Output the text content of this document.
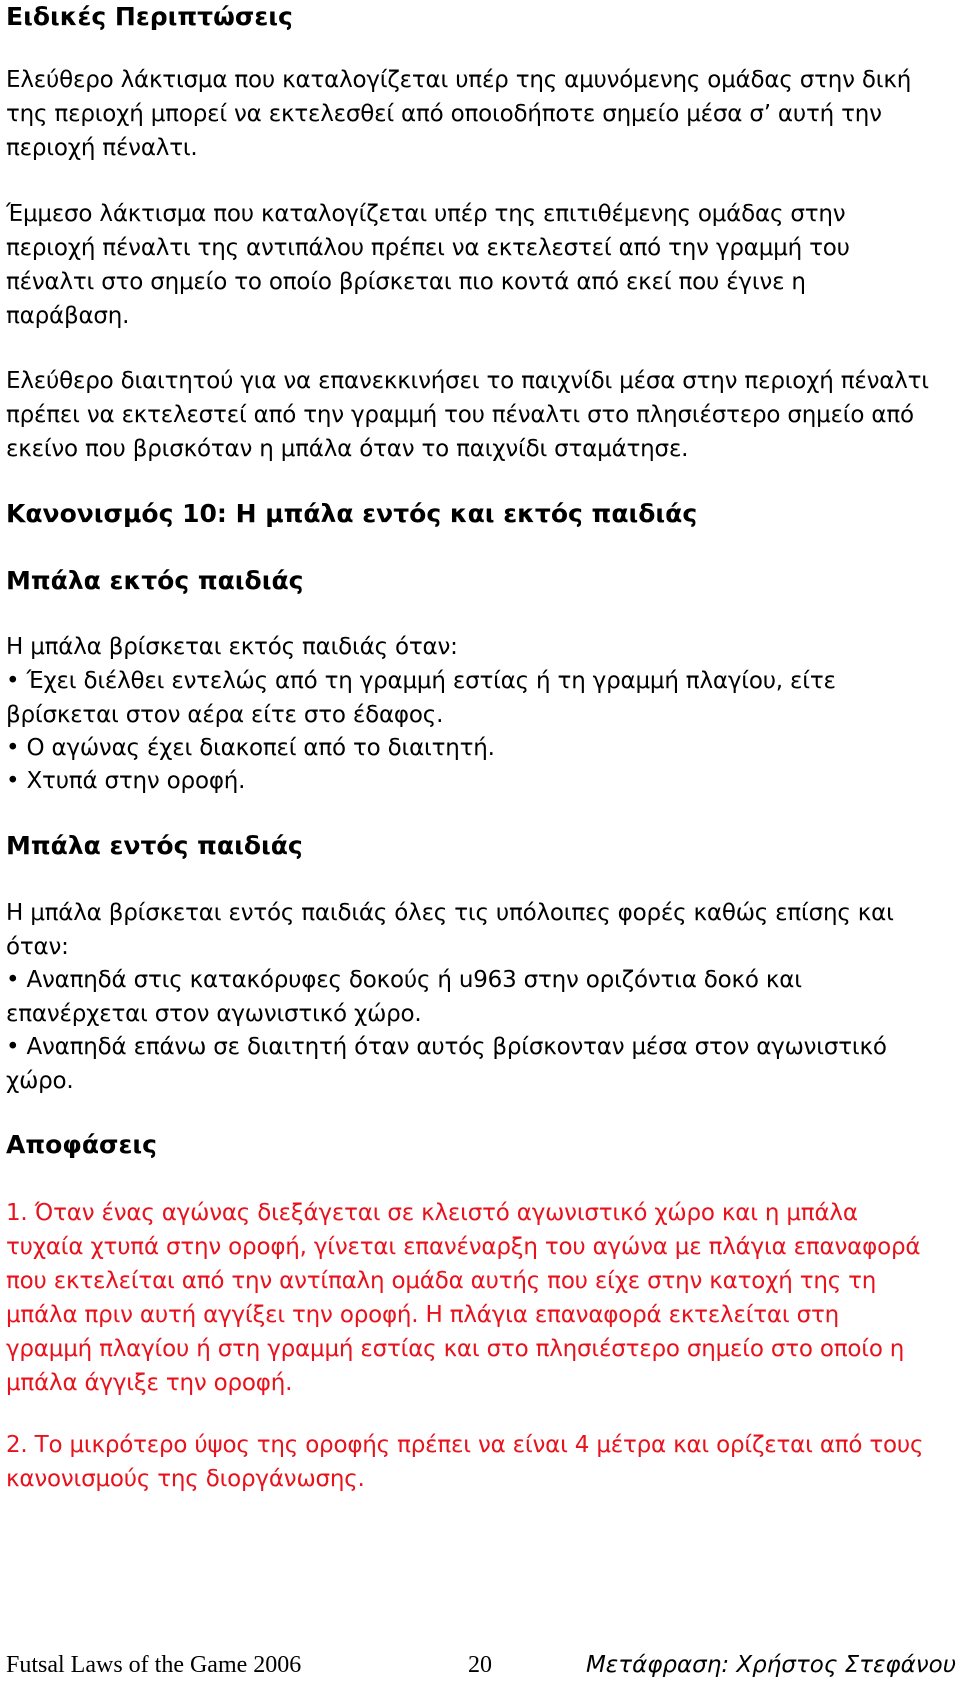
Ειδικές Περιπτώσεις

Ελεύθερο λάκτισμα που καταλογίζεται υπέρ της αμυνόμενης ομάδας στην δική της περιοχή μπορεί να εκτελεσθεί από οποιοδήποτε σημείο μέσα σ’ αυτή την περιοχή πέναλτι.

Έμμεσο λάκτισμα που καταλογίζεται υπέρ της επιτιθέμενης ομάδας στην περιοχή πέναλτι της αντιπάλου πρέπει να εκτελεστεί από την γραμμή του πέναλτι στο σημείο το οποίο βρίσκεται πιο κοντά από εκεί που έγινε η παράβαση.

Ελεύθερο διαιτητού για να επανεκκινήσει το παιχνίδι μέσα στην περιοχή πέναλτι πρέπει να εκτελεστεί από την γραμμή του πέναλτι στο πλησιέστερο σημείο από εκείνο που βρισκόταν η μπάλα όταν το παιχνίδι σταμάτησε.

Κανονισμός 10: Η μπάλα εντός και εκτός παιδιάς

Μπάλα εκτός παιδιάς

Η μπάλα βρίσκεται εκτός παιδιάς όταν:

• Έχει διέλθει εντελώς από τη γραμμή εστίας ή τη γραμμή πλαγίου, είτε βρίσκεται στον αέρα είτε στο έδαφος.

• Ο αγώνας έχει διακοπεί από το διαιτητή.

• Χτυπά στην οροφή.

Μπάλα εντός παιδιάς

Η μπάλα βρίσκεται εντός παιδιάς όλες τις υπόλοιπες φορές καθώς επίσης και όταν:

• Αναπηδά στις κατακόρυφες δοκούς ή u963 στην οριζόντια δοκό και επανέρχεται στον αγωνιστικό χώρο.

• Αναπηδά επάνω σε διαιτητή όταν αυτός βρίσκονταν μέσα στον αγωνιστικό χώρο.

Αποφάσεις

1. Όταν ένας αγώνας διεξάγεται σε κλειστό αγωνιστικό χώρο και η μπάλα τυχαία χτυπά στην οροφή, γίνεται επανέναρξη του αγώνα με πλάγια επαναφορά που εκτελείται από την αντίπαλη ομάδα αυτής που είχε στην κατοχή της τη μπάλα πριν αυτή αγγίξει την οροφή. Η πλάγια επαναφορά εκτελείται στη γραμμή πλαγίου ή στη γραμμή εστίας και στο πλησιέστερο σημείο στο οποίο η μπάλα άγγιξε την οροφή.

2. Το μικρότερο ύψος της οροφής πρέπει να είναι 4 μέτρα και ορίζεται από τους κανονισμούς της διοργάνωσης.

Futsal Laws of the Game 2006	20	Μετάφραση: Χρήστος Στεφάνου
